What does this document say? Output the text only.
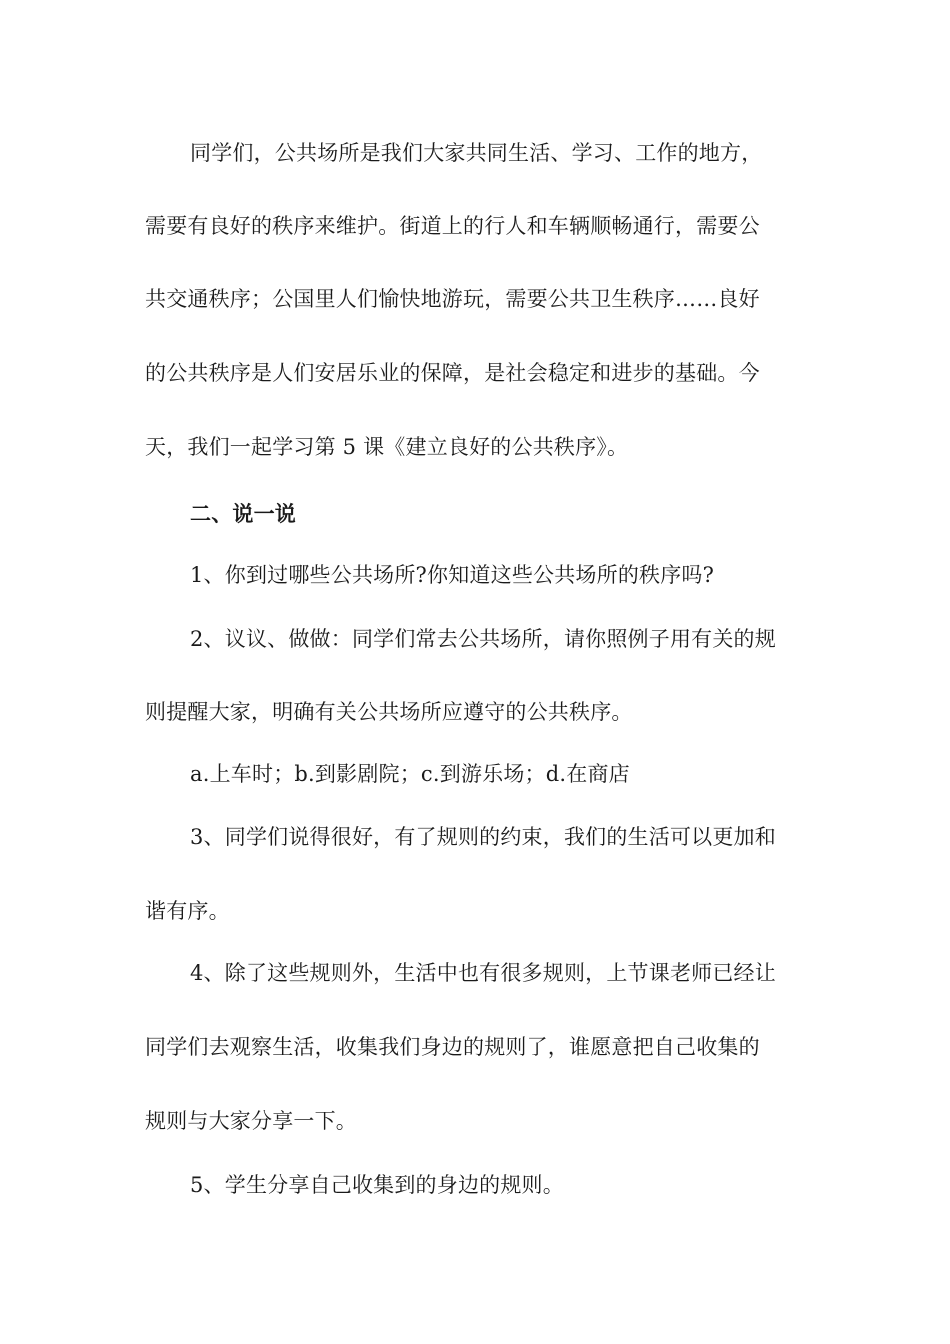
同学们，公共场所是我们大家共同生活、学习、工作的地方，
需要有良好的秩序来维护。街道上的行人和车辆顺畅通行，需要公
共交通秩序；公国里人们愉快地游玩，需要公共卫生秩序……良好
的公共秩序是人们安居乐业的保障，是社会稳定和进步的基础。今
天，我们一起学习第 5 课《建立良好的公共秩序》。
二、说一说
1、你到过哪些公共场所?你知道这些公共场所的秩序吗?
2、议议、做做：同学们常去公共场所，请你照例子用有关的规
则提醒大家，明确有关公共场所应遵守的公共秩序。
a.上车时；b.到影剧院；c.到游乐场；d.在商店
3、同学们说得很好，有了规则的约束，我们的生活可以更加和
谐有序。
4、除了这些规则外，生活中也有很多规则，上节课老师已经让
同学们去观察生活，收集我们身边的规则了，谁愿意把自己收集的
规则与大家分享一下。
5、学生分享自己收集到的身边的规则。
